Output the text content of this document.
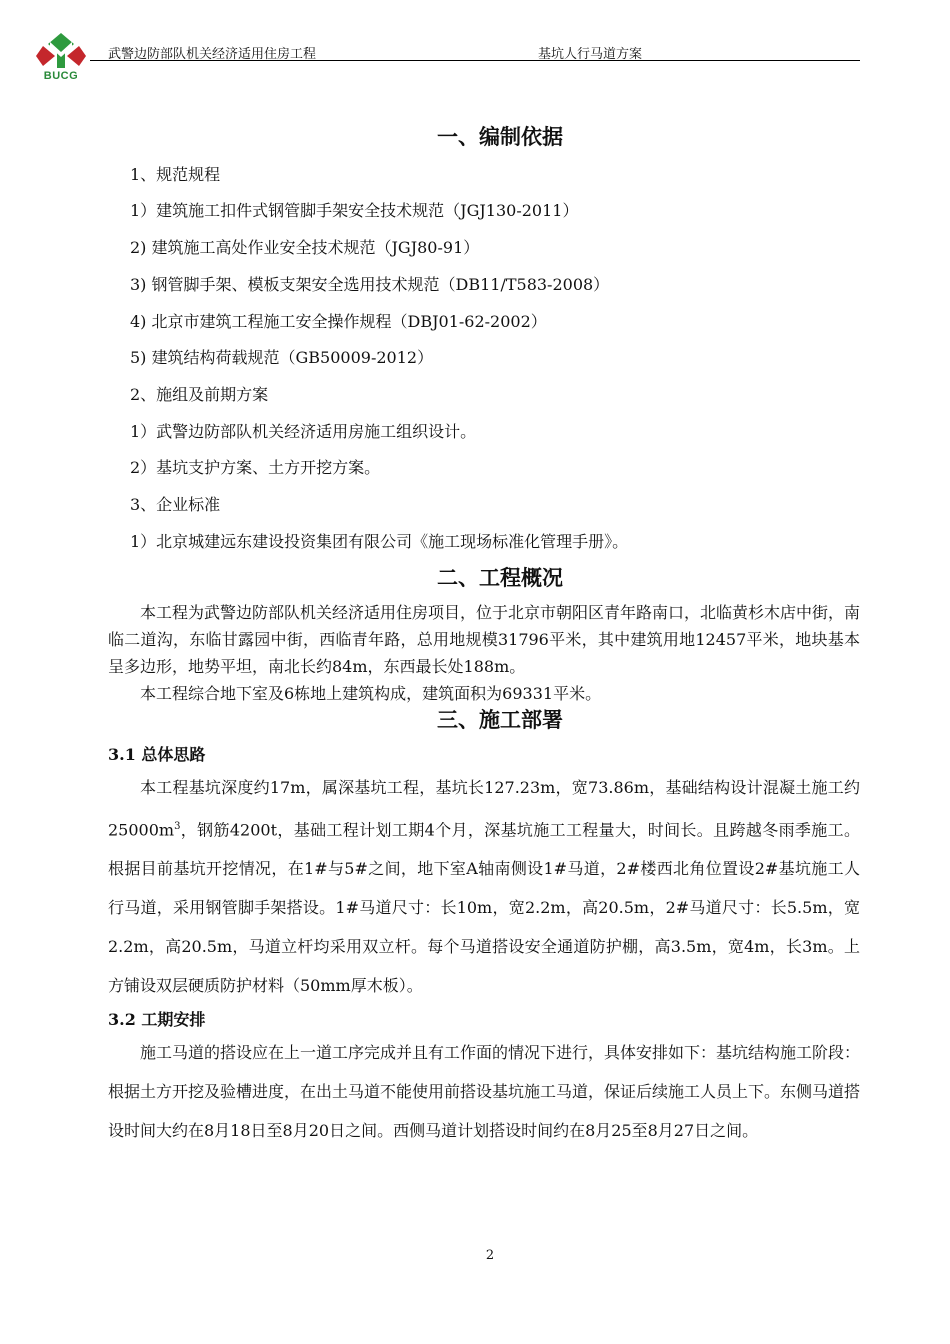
BUCG
武警边防部队机关经济适用住房工程	基坑人行马道方案
一、编制依据
1、规范规程
1）建筑施工扣件式钢管脚手架安全技术规范（JGJ130-2011）
2) 建筑施工高处作业安全技术规范（JGJ80-91）
3) 钢管脚手架、模板支架安全选用技术规范（DB11/T583-2008）
4) 北京市建筑工程施工安全操作规程（DBJ01-62-2002）
5) 建筑结构荷载规范（GB50009-2012）
2、施组及前期方案
1）武警边防部队机关经济适用房施工组织设计。
2）基坑支护方案、土方开挖方案。
3、企业标准
1）北京城建远东建设投资集团有限公司《施工现场标准化管理手册》。
二、工程概况

本工程为武警边防部队机关经济适用住房项目，位于北京市朝阳区青年路南口，北临黄杉木店中街，南临二道沟，东临甘露园中街，西临青年路，总用地规模31796平米，其中建筑用地12457平米，地块基本呈多边形，地势平坦，南北长约84m，东西最长处188m。

本工程综合地下室及6栋地上建筑构成，建筑面积为69331平米。

三、施工部署
3.1 总体思路

本工程基坑深度约17m，属深基坑工程，基坑长127.23m，宽73.86m，基础结构设计混凝土施工约$25000m^3$，钢筋4200t，基础工程计划工期4个月，深基坑施工工程量大，时间长。且跨越冬雨季施工。根据目前基坑开挖情况，在1#与5#之间，地下室A轴南侧设1#马道，2#楼西北角位置设2#基坑施工人行马道，采用钢管脚手架搭设。1#马道尺寸：长10m，宽2.2m，高20.5m，2#马道尺寸：长5.5m，宽2.2m，高20.5m，马道立杆均采用双立杆。每个马道搭设安全通道防护棚，高3.5m，宽4m，长3m。上方铺设双层硬质防护材料（50mm厚木板）。

3.2 工期安排

施工马道的搭设应在上一道工序完成并且有工作面的情况下进行，具体安排如下：基坑结构施工阶段：根据土方开挖及验槽进度，在出土马道不能使用前搭设基坑施工马道，保证后续施工人员上下。东侧马道搭设时间大约在8月18日至8月20日之间。西侧马道计划搭设时间约在8月25至8月27日之间。

2
